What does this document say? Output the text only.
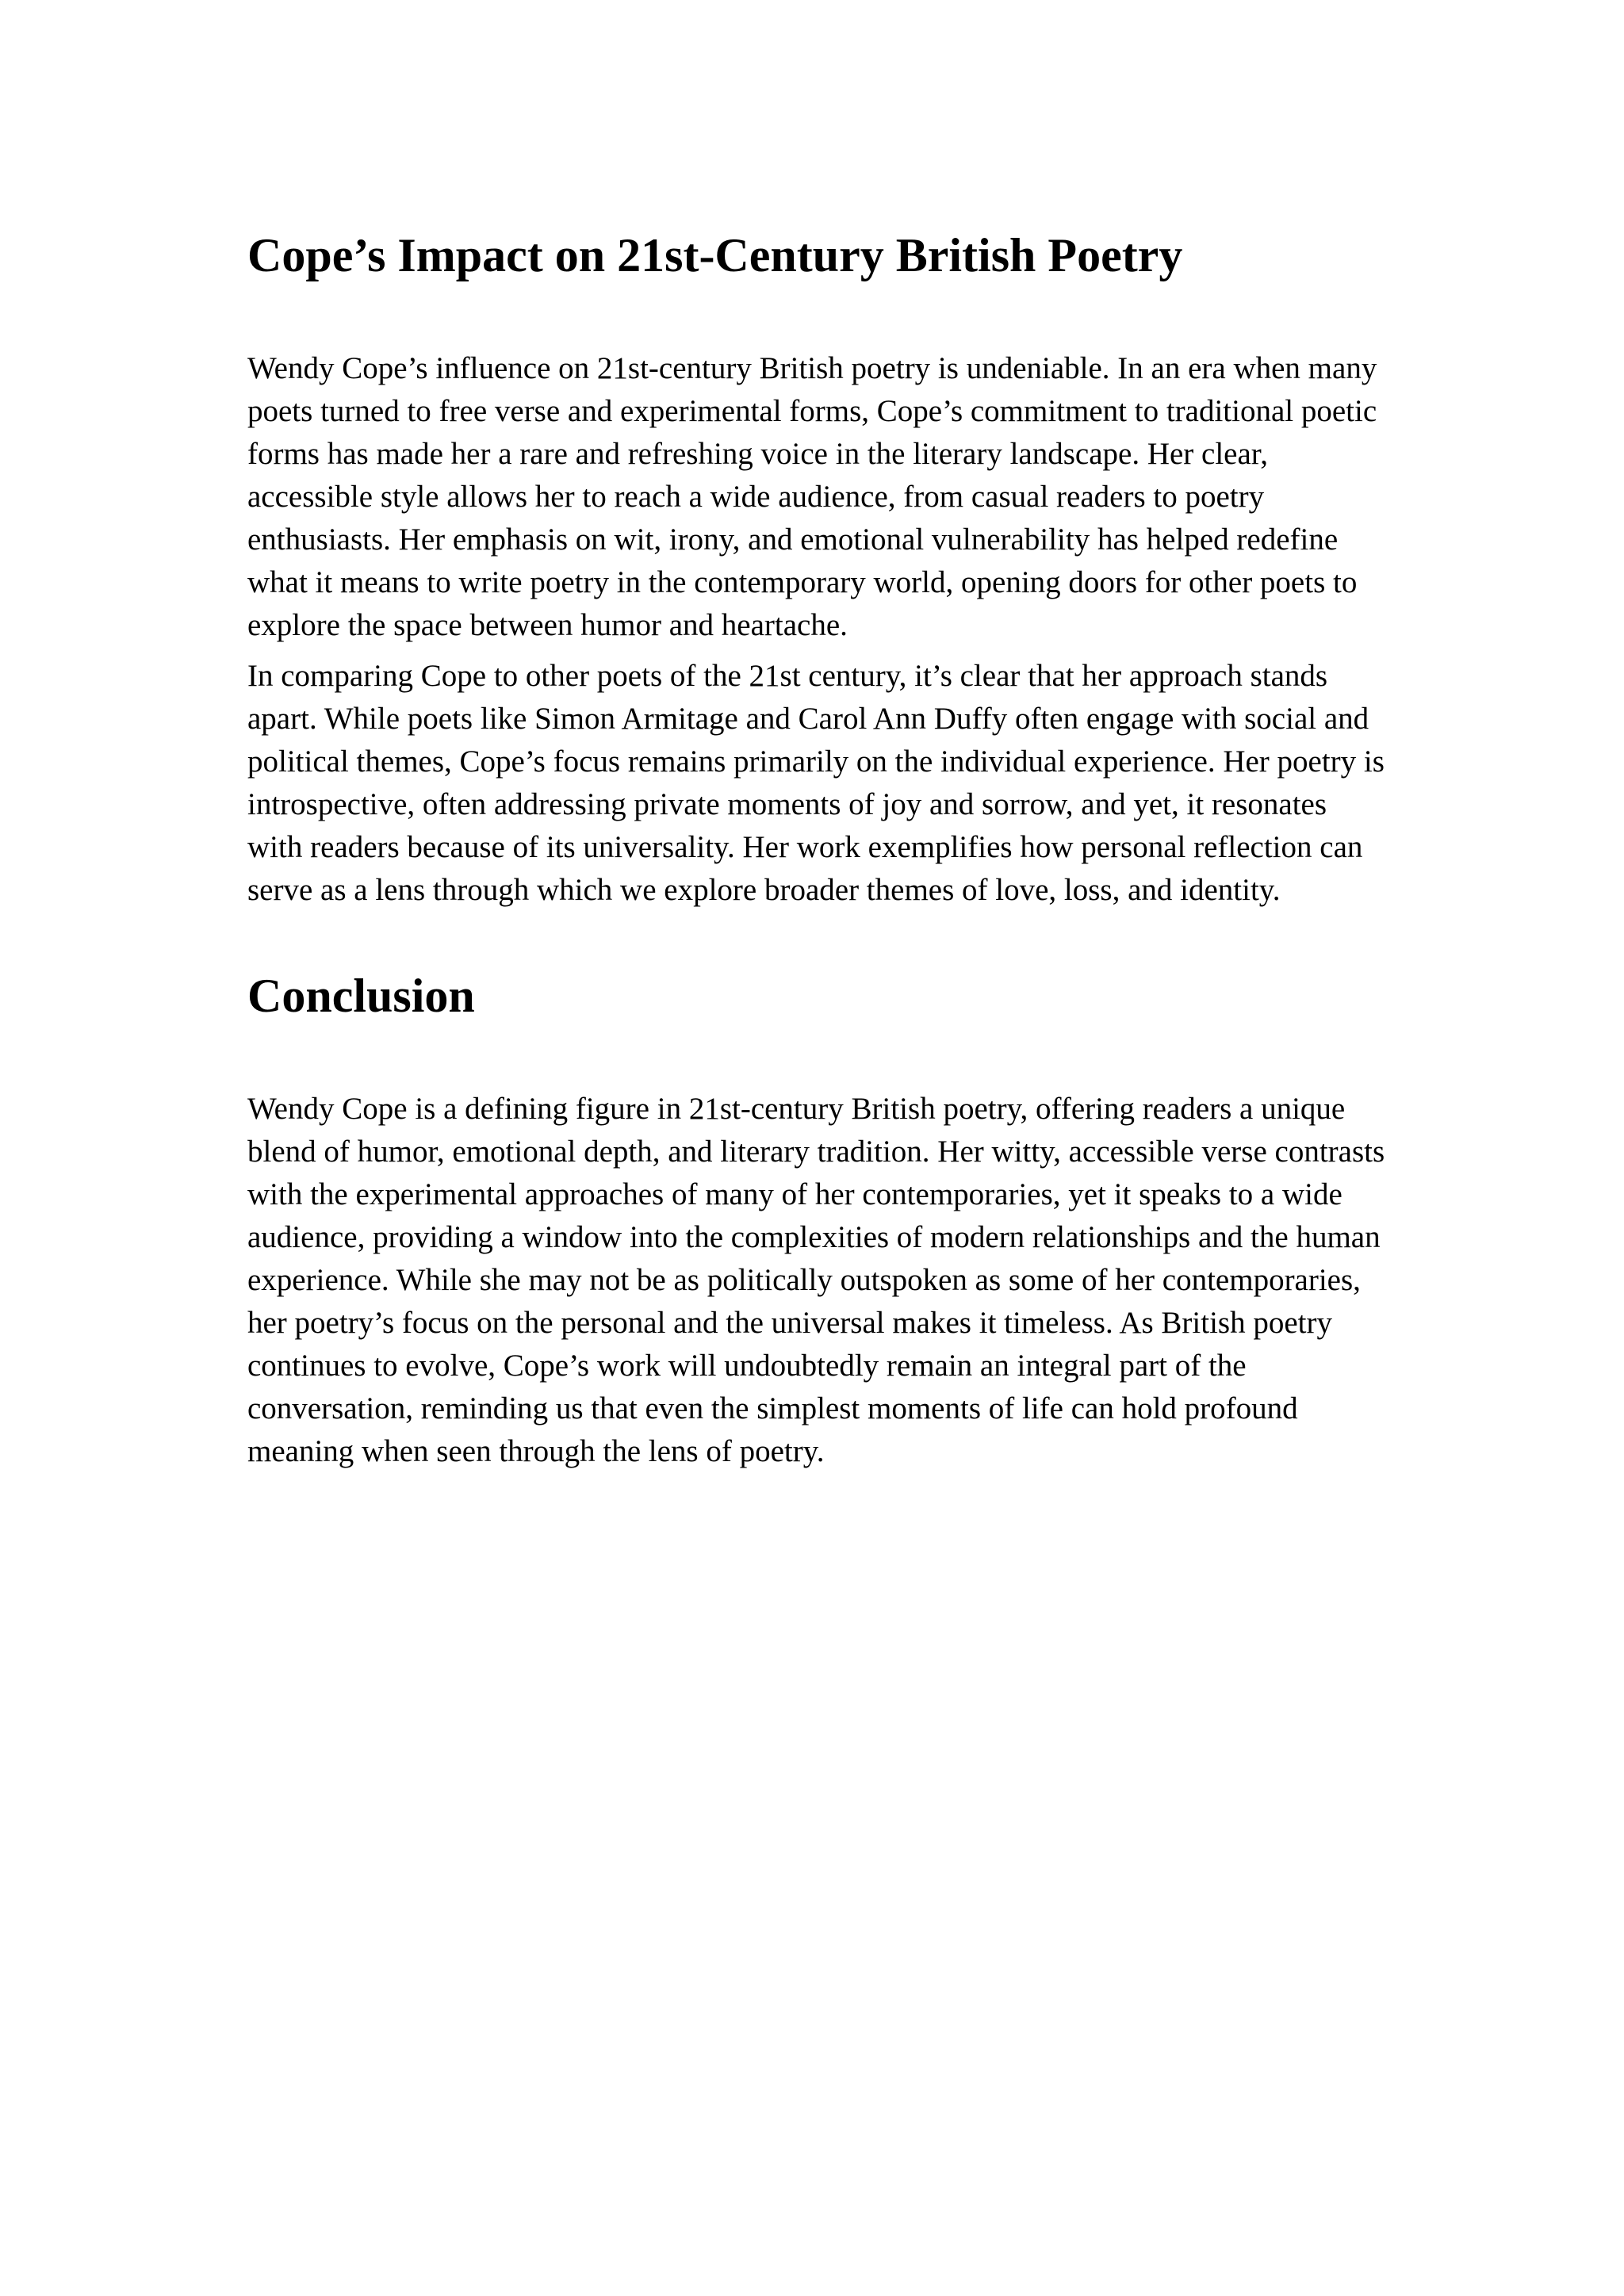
Cope’s Impact on 21st-Century British Poetry

Wendy Cope’s influence on 21st-century British poetry is undeniable. In an era when many poets turned to free verse and experimental forms, Cope’s commitment to traditional poetic forms has made her a rare and refreshing voice in the literary landscape. Her clear, accessible style allows her to reach a wide audience, from casual readers to poetry enthusiasts. Her emphasis on wit, irony, and emotional vulnerability has helped redefine what it means to write poetry in the contemporary world, opening doors for other poets to explore the space between humor and heartache.

In comparing Cope to other poets of the 21st century, it’s clear that her approach stands apart. While poets like Simon Armitage and Carol Ann Duffy often engage with social and political themes, Cope’s focus remains primarily on the individual experience. Her poetry is introspective, often addressing private moments of joy and sorrow, and yet, it resonates with readers because of its universality. Her work exemplifies how personal reflection can serve as a lens through which we explore broader themes of love, loss, and identity.

Conclusion

Wendy Cope is a defining figure in 21st-century British poetry, offering readers a unique blend of humor, emotional depth, and literary tradition. Her witty, accessible verse contrasts with the experimental approaches of many of her contemporaries, yet it speaks to a wide audience, providing a window into the complexities of modern relationships and the human experience. While she may not be as politically outspoken as some of her contemporaries, her poetry’s focus on the personal and the universal makes it timeless. As British poetry continues to evolve, Cope’s work will undoubtedly remain an integral part of the conversation, reminding us that even the simplest moments of life can hold profound meaning when seen through the lens of poetry.
